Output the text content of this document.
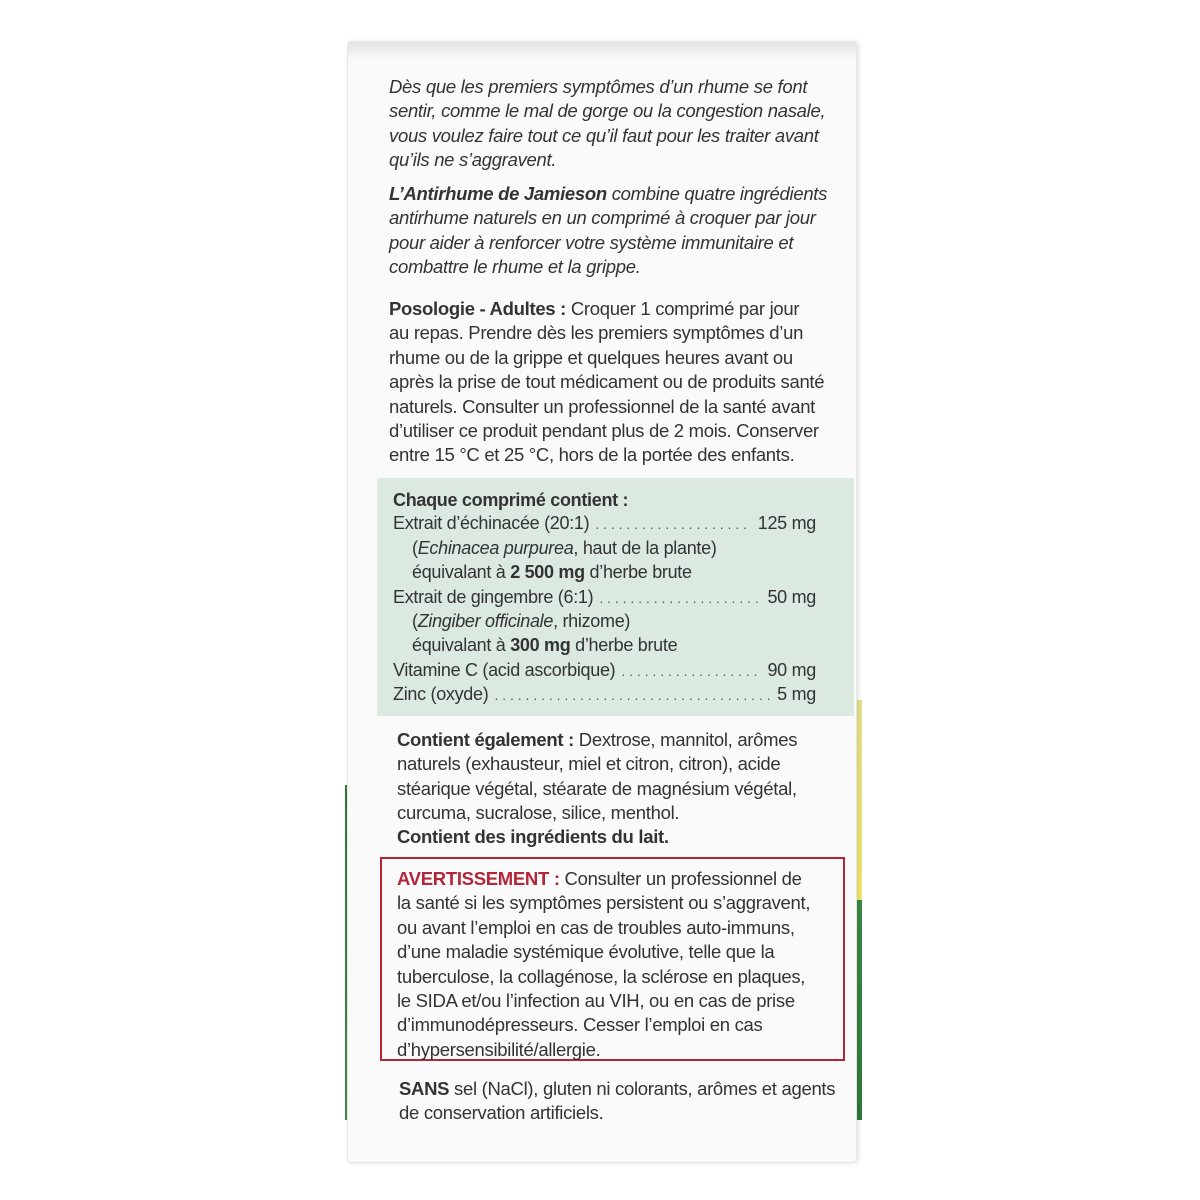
Dès que les premiers symptômes d’un rhume se font
sentir, comme le mal de gorge ou la congestion nasale,
vous voulez faire tout ce qu’il faut pour les traiter avant
qu’ils ne s’aggravent.
L’Antirhume de Jamieson combine quatre ingrédients
antirhume naturels en un comprimé à croquer par jour
pour aider à renforcer votre système immunitaire et
combattre le rhume et la grippe.
Posologie - Adultes : Croquer 1 comprimé par jour
au repas. Prendre dès les premiers symptômes d’un
rhume ou de la grippe et quelques heures avant ou
après la prise de tout médicament ou de produits santé
naturels. Consulter un professionnel de la santé avant
d’utiliser ce produit pendant plus de 2 mois. Conserver
entre 15 °C et 25 °C, hors de la portée des enfants.
Chaque comprimé contient :
Extrait d’échinacée (20:1) . . .	125 mg
(Echinacea purpurea, haut de la plante)
équivalant à 2 500 mg d’herbe brute
Extrait de gingembre (6:1) . . .	50 mg
(Zingiber officinale, rhizome)
équivalant à 300 mg d’herbe brute
Vitamine C (acid ascorbique) . . .	90 mg
Zinc (oxyde) . . .	5 mg
Contient également : Dextrose, mannitol, arômes
naturels (exhausteur, miel et citron, citron), acide
stéarique végétal, stéarate de magnésium végétal,
curcuma, sucralose, silice, menthol.
Contient des ingrédients du lait.
AVERTISSEMENT : Consulter un professionnel de
la santé si les symptômes persistent ou s’aggravent,
ou avant l’emploi en cas de troubles auto-immuns,
d’une maladie systémique évolutive, telle que la
tuberculose, la collagénose, la sclérose en plaques,
le SIDA et/ou l’infection au VIH, ou en cas de prise
d’immunodépresseurs. Cesser l’emploi en cas
d’hypersensibilité/allergie.
SANS sel (NaCl), gluten ni colorants, arômes et agents
de conservation artificiels.
